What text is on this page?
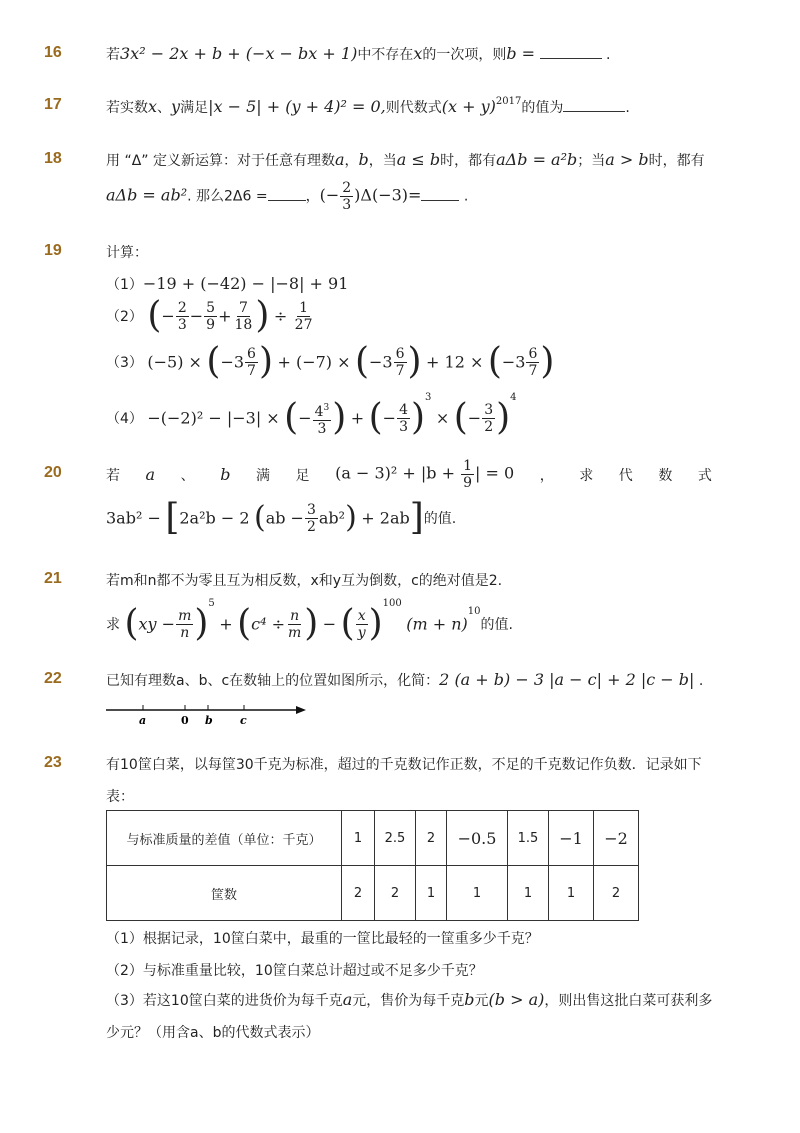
16	若3x² − 2x + b + (−x − bx + 1)中不存在x的一次项，则b =	.
17	若实数x、y满足|x − 5| + (y + 4)² = 0,则代数式$(x + y)^{2017}$的值为	.
18	用 “Δ” 定义新运算：对于任意有理数a，b，当a ≤ b时，都有aΔb = a²b；当a > b时，都有
aΔb = ab². 那么2Δ6 =	，(− $\frac{2}{3} )\Delta(-3)=$	.
19	计算：
（1）−19 + (−42) − |−8| + 91
（2） (− $\frac{2}{3} - \frac{5}{9} + \frac{7}{18}$ ) ÷ $\frac{1}{27}$
（3） $(-5) \times (-3 \frac{6}{7}$ ) + $(-7) \times (-3 \frac{6}{7}$ ) + $12 \times (-3 \frac{6}{7}$ )
（4） −(−2)² − |−3| × (− $\frac{4^3}{3}$ ) + (− $\frac{4}{3} )^3$ × (− $\frac{3}{2} )^4$
20	若 a 、 b 满 足 $(a - 3)^2 + |b + \frac{1}{9}$ | = 0 ， 求 代 数 式
3ab² − [2a²b − 2 $(ab - \frac{3}{2} ab^2) + 2ab$]的值.
21	若m和n都不为零且互为相反数，x和y互为倒数，c的绝对值是2.
求 $(xy - \frac{m}{n} )^5 + (c^4 \div \frac{n}{m}$ ) − ( $\frac{x}{y} )^{100}$ $(m + n)^{10}$的值.
22	已知有理数a、b、c在数轴上的位置如图所示，化简：2 (a + b) − 3 |a − c| + 2 |c − b| .
a	0 b c
23	有10筐白菜，以每筐30千克为标准，超过的千克数记作正数，不足的千克数记作负数．记录如下
表：
与标准质量的差值（单位：千克）	1	2.5	2	−0.5	1.5	−1	−2
筐数	2	2	1	1	1	1	2
（1）根据记录，10筐白菜中，最重的一筐比最轻的一筐重多少千克？
（2）与标准重量比较，10筐白菜总计超过或不足多少千克？
（3）若这10筐白菜的进货价为每千克a元，售价为每千克b元(b > a)，则出售这批白菜可获利多
少元？（用含a、b的代数式表示）
